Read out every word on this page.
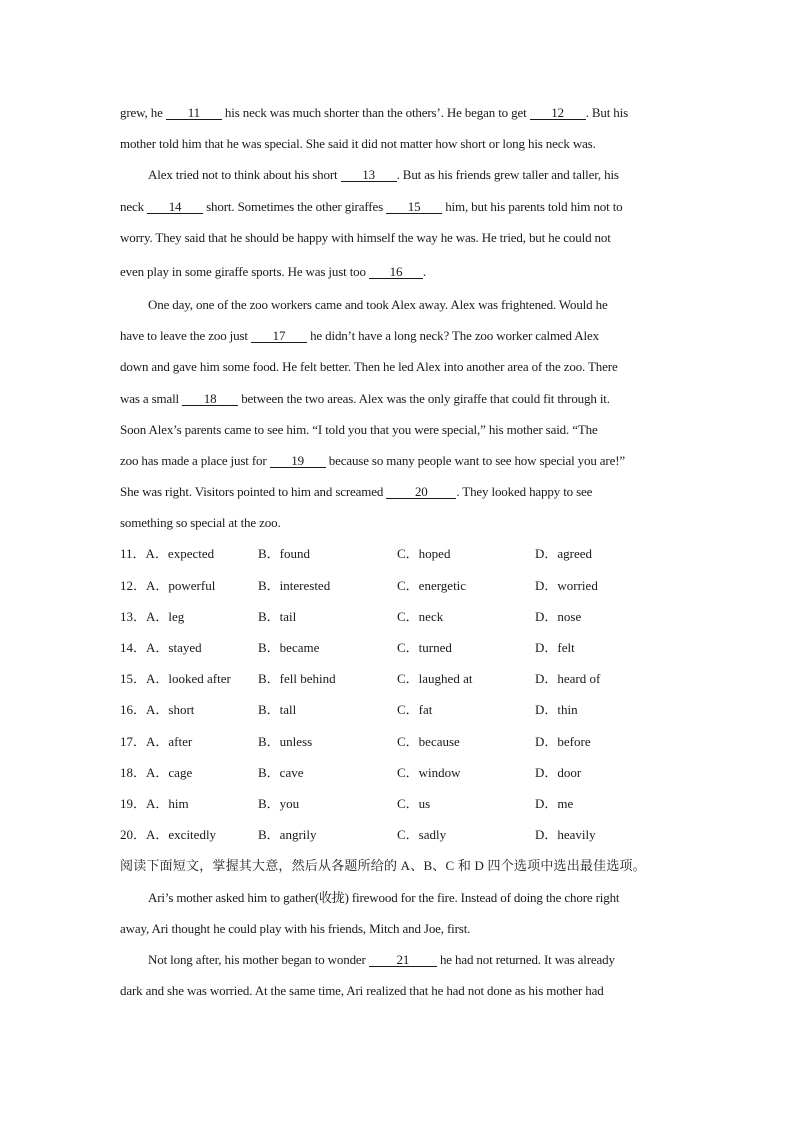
grew, he 11 his neck was much shorter than the others’. He began to get 12 . But his
mother told him that he was special. She said it did not matter how short or long his neck was.
Alex tried not to think about his short 13 . But as his friends grew taller and taller, his
neck 14 short. Sometimes the other giraffes 15 him, but his parents told him not to
worry. They said that he should be happy with himself the way he was. He tried, but he could not
even play in some giraffe sports. He was just too 16 .
One day, one of the zoo workers came and took Alex away. Alex was frightened. Would he
have to leave the zoo just 17 he didn’t have a long neck? The zoo worker calmed Alex
down and gave him some food. He felt better. Then he led Alex into another area of the zoo. There
was a small 18 between the two areas. Alex was the only giraffe that could fit through it.
Soon Alex’s parents came to see him. “I told you that you were special,” his mother said. “The
zoo has made a place just for 19 because so many people want to see how special you are!”
She was right. Visitors pointed to him and screamed 20 . They looked happy to see
something so special at the zoo.
11．A．expected	B．found	C．hoped	D．agreed
12．A．powerful	B．interested	C．energetic	D．worried
13．A．leg	B．tail	C．neck	D．nose
14．A．stayed	B．became	C．turned	D．felt
15．A．looked after B．fell behind	C．laughed at	D．heard of
16．A．short	B．tall	C．fat	D．thin
17．A．after	B．unless	C．because	D．before
18．A．cage	B．cave	C．window	D．door
19．A．him	B．you	C．us	D．me
20．A．excitedly	B．angrily	C．sadly	D．heavily
阅读下面短文，掌握其大意，然后从各题所给的 A、B、C 和 D 四个选项中选出最佳选项。
Ari’s mother asked him to gather(收拢) firewood for the fire. Instead of doing the chore right
away, Ari thought he could play with his friends, Mitch and Joe, first.
Not long after, his mother began to wonder 21 he had not returned. It was already
dark and she was worried. At the same time, Ari realized that he had not done as his mother had
